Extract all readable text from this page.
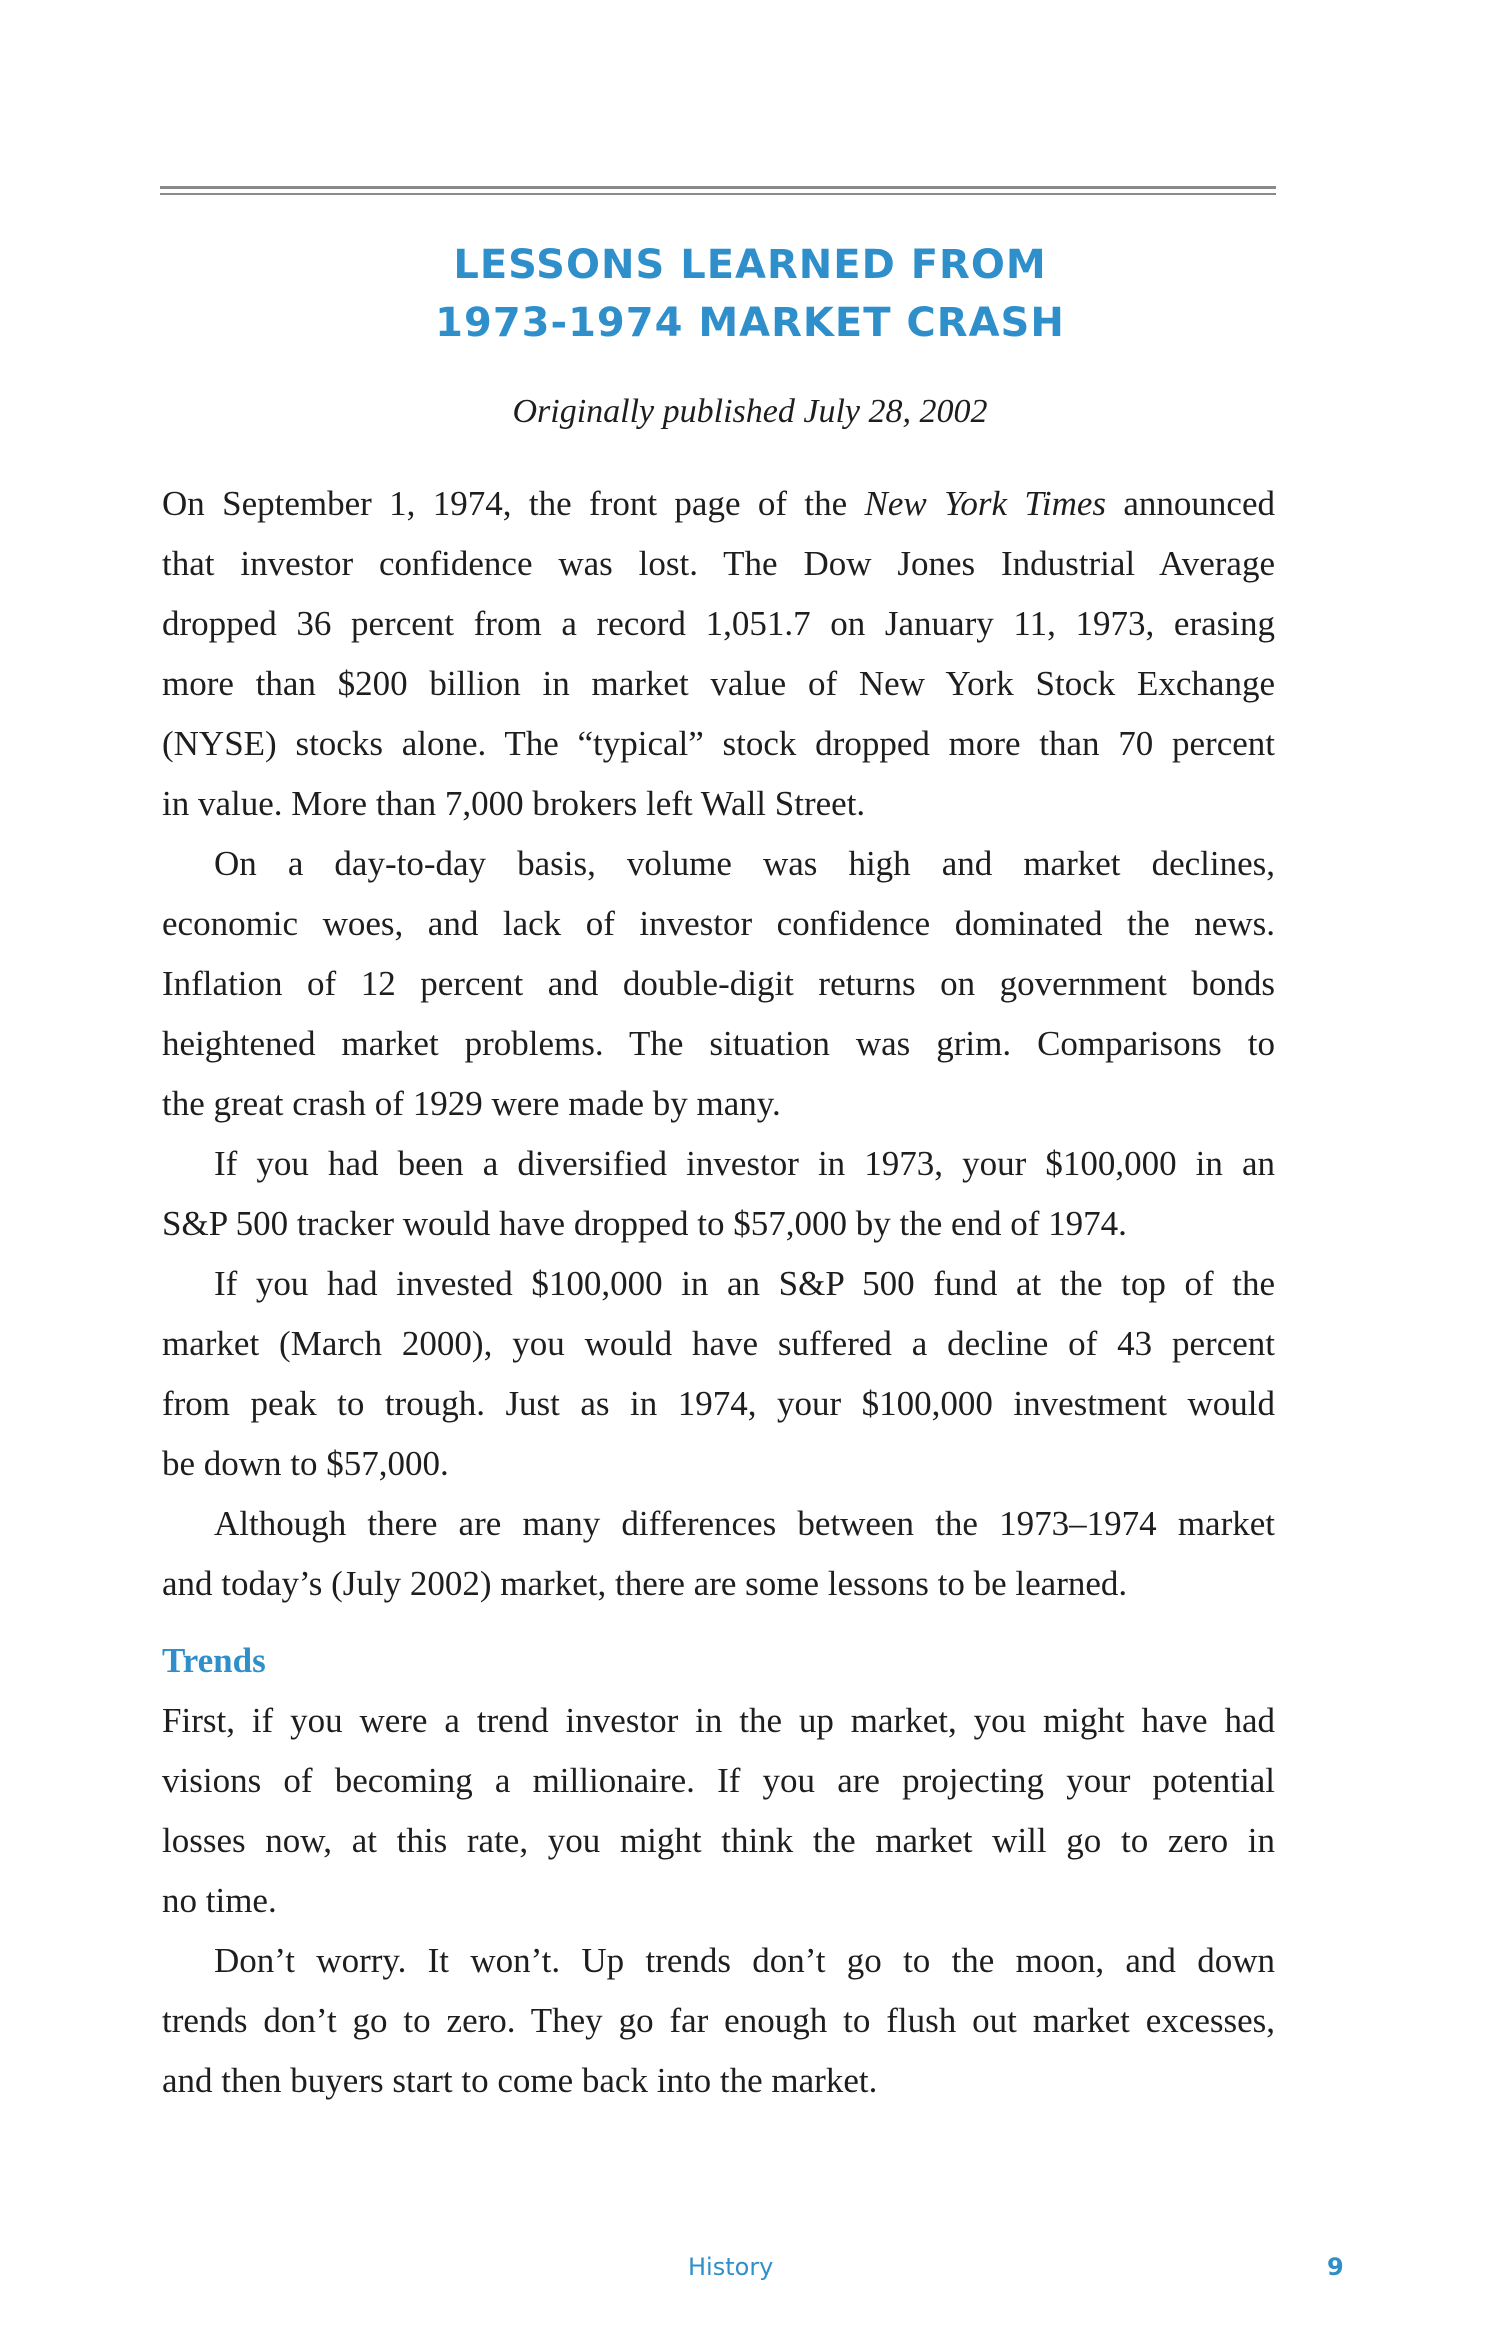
LESSONS LEARNED FROM
1973-1974 MARKET CRASH
Originally published July 28, 2002
On September 1, 1974, the front page of the New York Times announced
that investor confidence was lost. The Dow Jones Industrial Average
dropped 36 percent from a record 1,051.7 on January 11, 1973, erasing
more than $200 billion in market value of New York Stock Exchange
(NYSE) stocks alone. The “typical” stock dropped more than 70 percent
in value. More than 7,000 brokers left Wall Street.
On a day-to-day basis, volume was high and market declines,
economic woes, and lack of investor confidence dominated the news.
Inflation of 12 percent and double-digit returns on government bonds
heightened market problems. The situation was grim. Comparisons to
the great crash of 1929 were made by many.
If you had been a diversified investor in 1973, your $100,000 in an
S&P 500 tracker would have dropped to $57,000 by the end of 1974.
If you had invested $100,000 in an S&P 500 fund at the top of the
market (March 2000), you would have suffered a decline of 43 percent
from peak to trough. Just as in 1974, your $100,000 investment would
be down to $57,000.
Although there are many differences between the 1973–1974 market
and today’s (July 2002) market, there are some lessons to be learned.
Trends
First, if you were a trend investor in the up market, you might have had
visions of becoming a millionaire. If you are projecting your potential
losses now, at this rate, you might think the market will go to zero in
no time.
Don’t worry. It won’t. Up trends don’t go to the moon, and down
trends don’t go to zero. They go far enough to flush out market excesses,
and then buyers start to come back into the market.
History	9
